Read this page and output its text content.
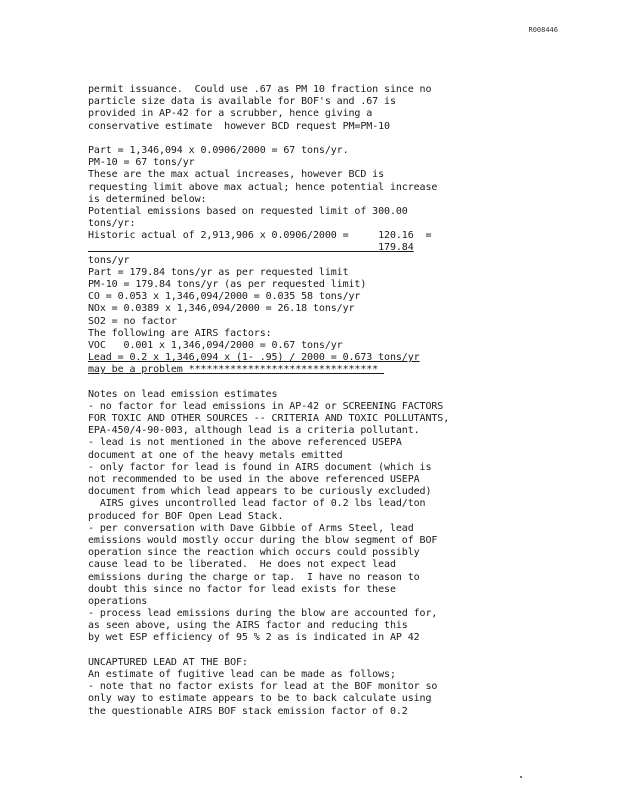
R008446
permit issuance.  Could use .67 as PM 10 fraction since no
particle size data is available for BOF's and .67 is
provided in AP-42 for a scrubber, hence giving a
conservative estimate  however BCD request PM=PM-10
Part = 1,346,094 x 0.0906/2000 = 67 tons/yr.
PM-10 = 67 tons/yr
These are the max actual increases, however BCD is
requesting limit above max actual; hence potential increase
is determined below:
Potential emissions based on requested limit of 300.00
tons/yr:
Historic actual of 2,913,906 x 0.0906/2000 =     120.16  =
179.84
tons/yr
Part = 179.84 tons/yr as per requested limit
PM-10 = 179.84 tons/yr (as per requested limit)
CO = 0.053 x 1,346,094/2000 = 0.035 58 tons/yr
NOx = 0.0389 x 1,346,094/2000 = 26.18 tons/yr
SO2 = no factor
The following are AIRS factors:
VOC   0.001 x 1,346,094/2000 = 0.67 tons/yr
Lead = 0.2 x 1,346,094 x (1- .95) / 2000 = 0.673 tons/yr
may be a problem ********************************
Notes on lead emission estimates
- no factor for lead emissions in AP-42 or SCREENING FACTORS
FOR TOXIC AND OTHER SOURCES -- CRITERIA AND TOXIC POLLUTANTS,
EPA-450/4-90-003, although lead is a criteria pollutant.
- lead is not mentioned in the above referenced USEPA
document at one of the heavy metals emitted
- only factor for lead is found in AIRS document (which is
not recommended to be used in the above referenced USEPA
document from which lead appears to be curiously excluded)
AIRS gives uncontrolled lead factor of 0.2 lbs lead/ton
produced for BOF Open Lead Stack.
- per conversation with Dave Gibbie of Arms Steel, lead
emissions would mostly occur during the blow segment of BOF
operation since the reaction which occurs could possibly
cause lead to be liberated.  He does not expect lead
emissions during the charge or tap.  I have no reason to
doubt this since no factor for lead exists for these
operations
- process lead emissions during the blow are accounted for,
as seen above, using the AIRS factor and reducing this
by wet ESP efficiency of 95 % 2 as is indicated in AP 42
UNCAPTURED LEAD AT THE BOF:
An estimate of fugitive lead can be made as follows;
- note that no factor exists for lead at the BOF monitor so
only way to estimate appears to be to back calculate using
the questionable AIRS BOF stack emission factor of 0.2
